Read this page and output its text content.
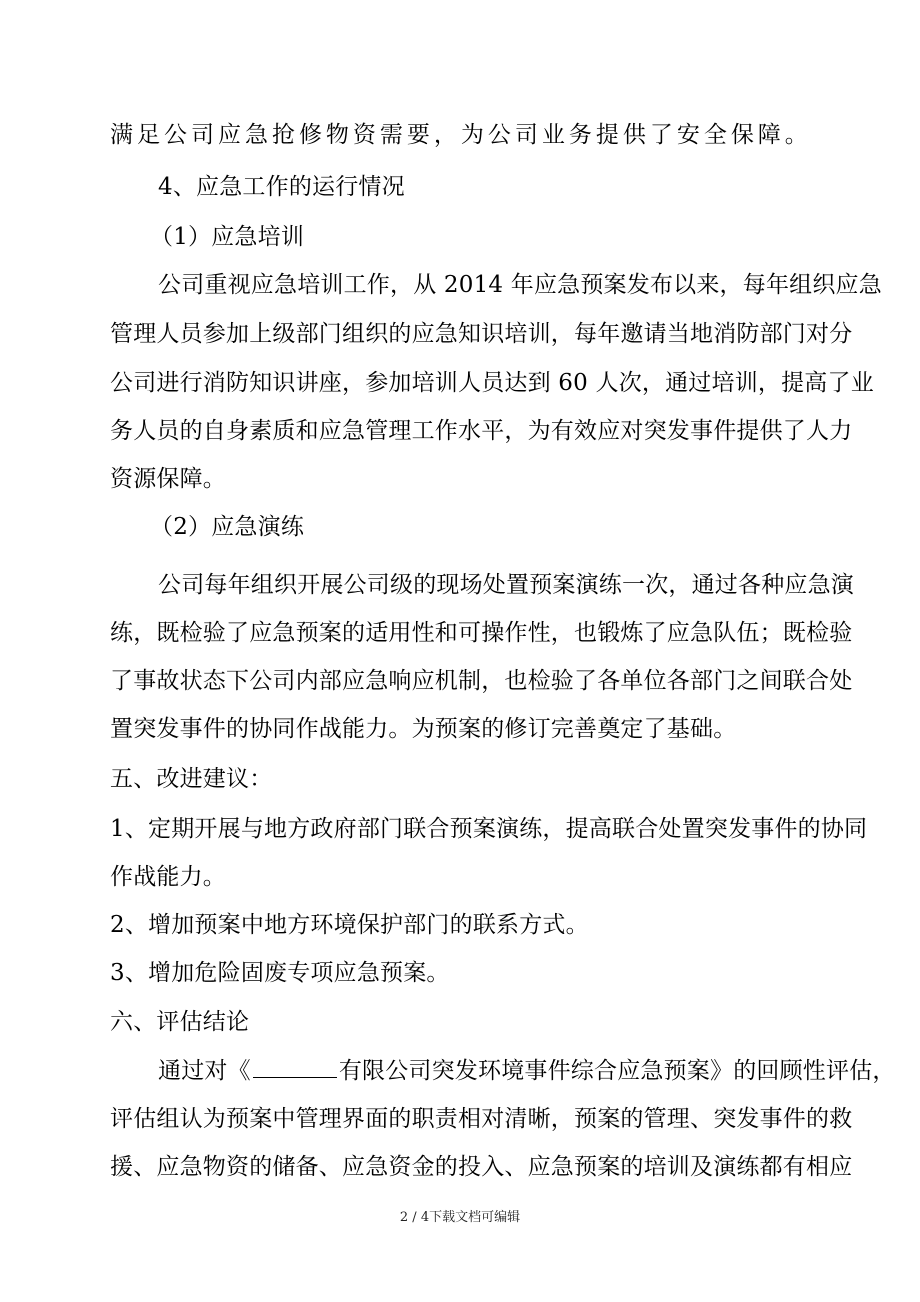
满足公司应急抢修物资需要，为公司业务提供了安全保障。
4、应急工作的运行情况
（1）应急培训
公司重视应急培训工作，从 2014 年应急预案发布以来，每年组织应急
管理人员参加上级部门组织的应急知识培训，每年邀请当地消防部门对分
公司进行消防知识讲座，参加培训人员达到 60 人次，通过培训，提高了业
务人员的自身素质和应急管理工作水平，为有效应对突发事件提供了人力
资源保障。
（2）应急演练
公司每年组织开展公司级的现场处置预案演练一次，通过各种应急演
练，既检验了应急预案的适用性和可操作性，也锻炼了应急队伍；既检验
了事故状态下公司内部应急响应机制，也检验了各单位各部门之间联合处
置突发事件的协同作战能力。为预案的修订完善奠定了基础。
五、改进建议：
1、定期开展与地方政府部门联合预案演练，提高联合处置突发事件的协同
作战能力。
2、增加预案中地方环境保护部门的联系方式。
3、增加危险固废专项应急预案。
六、评估结论
通过对《	有限公司突发环境事件综合应急预案》的回顾性评估，
评估组认为预案中管理界面的职责相对清晰，预案的管理、突发事件的救
援、应急物资的储备、应急资金的投入、应急预案的培训及演练都有相应
2 / 4下载文档可编辑
